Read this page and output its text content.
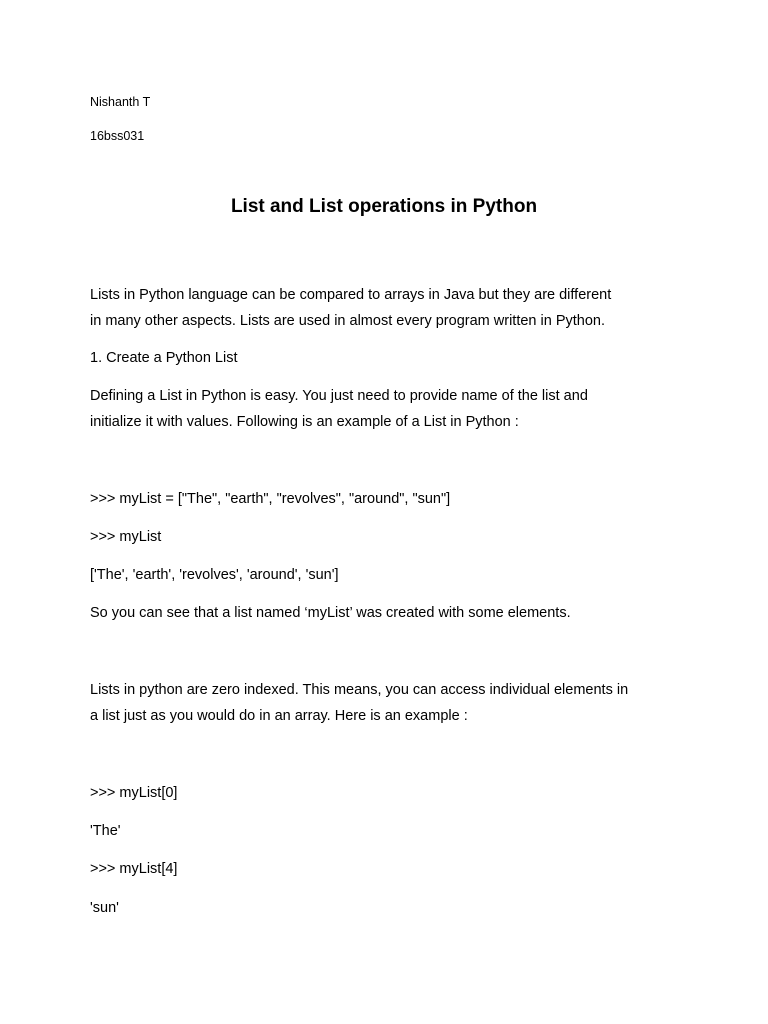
Nishanth T
16bss031
List and List operations in Python
Lists in Python language can be compared to arrays in Java but they are different
in many other aspects. Lists are used in almost every program written in Python.
1. Create a Python List
Defining a List in Python is easy. You just need to provide name of the list and
initialize it with values. Following is an example of a List in Python :
>>> myList = ["The", "earth", "revolves", "around", "sun"]
>>> myList
['The', 'earth', 'revolves', 'around', 'sun']
So you can see that a list named ‘myList’ was created with some elements.
Lists in python are zero indexed. This means, you can access individual elements in
a list just as you would do in an array. Here is an example :
>>> myList[0]
'The'
>>> myList[4]
'sun'
